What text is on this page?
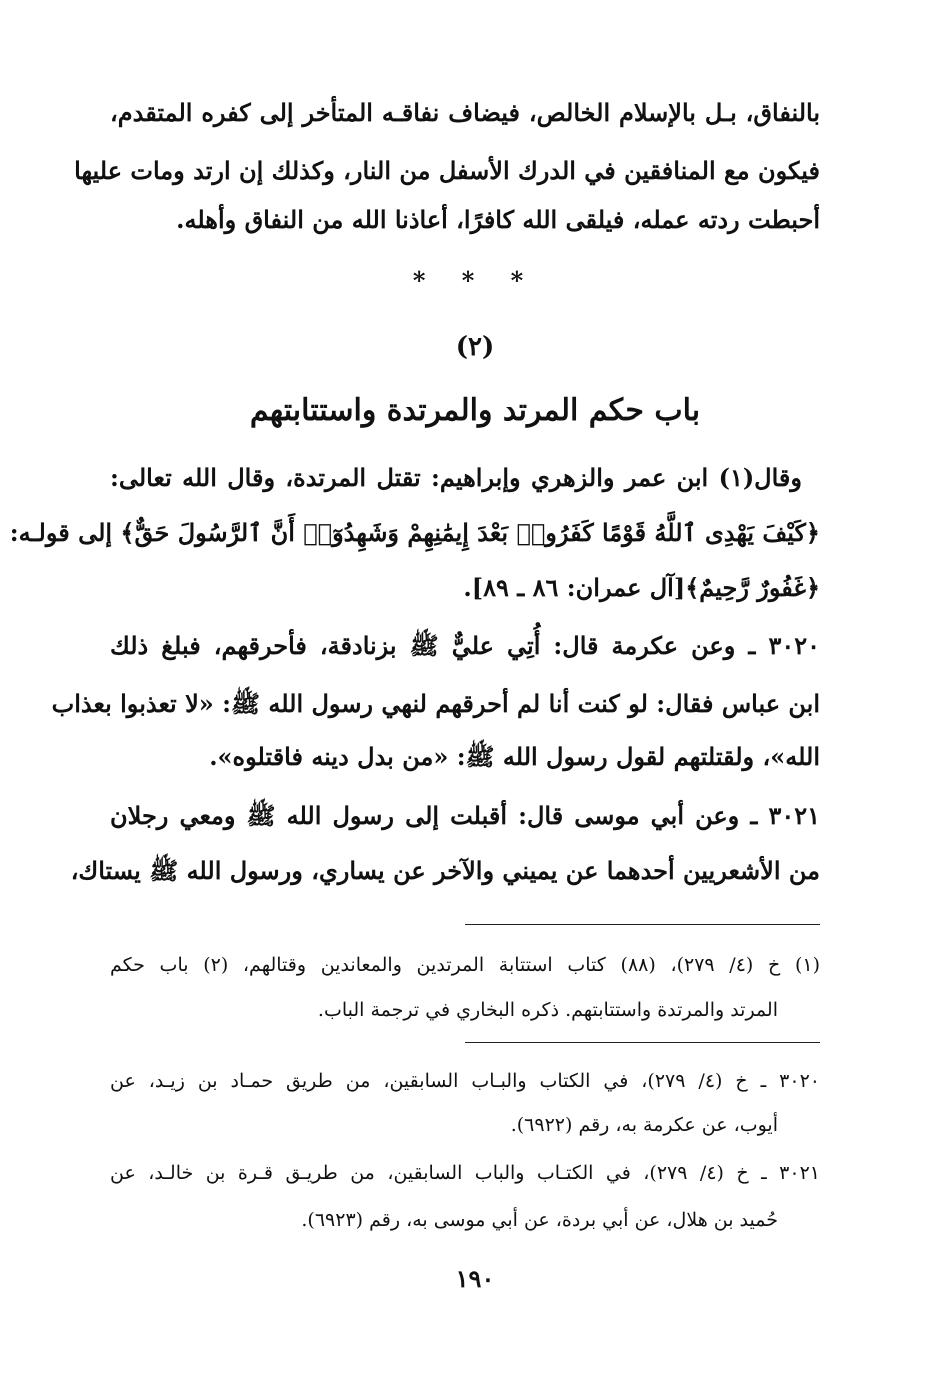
بالنفاق، بـل بالإسلام الخالص، فيضاف نفاقـه المتأخر إلى كفره المتقدم،
فيكون مع المنافقين في الدرك الأسفل من النار، وكذلك إن ارتد ومات عليها
أحبطت ردته عمله، فيلقى الله كافرًا، أعاذنا الله من النفاق وأهله.
* * *
(٢)
باب حكم المرتد والمرتدة واستتابتهم
وقال(١) ابن عمر والزهري وإبراهيم: تقتل المرتدة، وقال الله تعالى:
﴿كَيْفَ يَهْدِى ٱللَّهُ قَوْمًا كَفَرُوا۟ بَعْدَ إِيمَٰنِهِمْ وَشَهِدُوٓا۟ أَنَّ ٱلرَّسُولَ حَقٌّ﴾ إلى قولـه:
﴿غَفُورٌ رَّحِيمٌ﴾[آل عمران: ٨٦ ـ ٨٩].
٣٠٢٠ ـ وعن عكرمة قال: أُتِي عليٌّ ﷺ بزنادقة، فأحرقهم، فبلغ ذلك
ابن عباس فقال: لو كنت أنا لم أحرقهم لنهي رسول الله ﷺ: «لا تعذبوا بعذاب
الله»، ولقتلتهم لقول رسول الله ﷺ: «من بدل دينه فاقتلوه».
٣٠٢١ ـ وعن أبي موسى قال: أقبلت إلى رسول الله ﷺ ومعي رجلان
من الأشعريين أحدهما عن يميني والآخر عن يساري، ورسول الله ﷺ يستاك،
(١) خ (٤/ ٢٧٩)، (٨٨) كتاب استتابة المرتدين والمعاندين وقتالهم، (٢) باب حكم
المرتد والمرتدة واستتابتهم. ذكره البخاري في ترجمة الباب.
٣٠٢٠ ـ خ (٤/ ٢٧٩)، في الكتاب والبـاب السابقين، من طريق حمـاد بن زيـد، عن
أيوب، عن عكرمة به، رقم (٦٩٢٢).
٣٠٢١ ـ خ (٤/ ٢٧٩)، في الكتـاب والباب السابقين، من طريـق قـرة بن خالـد، عن
حُميد بن هلال، عن أبي بردة، عن أبي موسى به، رقم (٦٩٢٣).
١٩٠
